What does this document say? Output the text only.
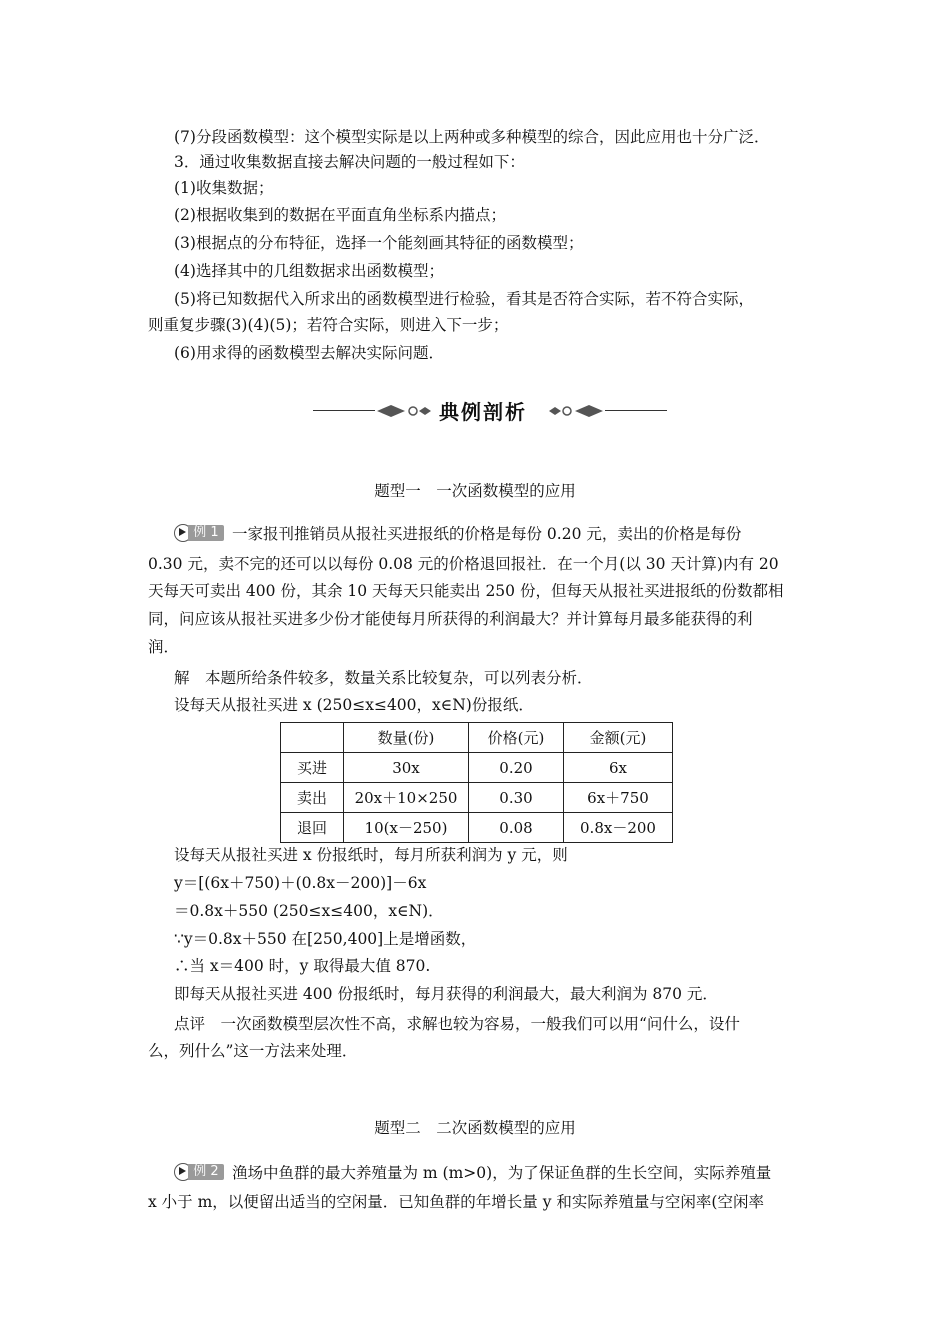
(7)分段函数模型：这个模型实际是以上两种或多种模型的综合，因此应用也十分广泛．
3．通过收集数据直接去解决问题的一般过程如下：
(1)收集数据；
(2)根据收集到的数据在平面直角坐标系内描点；
(3)根据点的分布特征，选择一个能刻画其特征的函数模型；
(4)选择其中的几组数据求出函数模型；
(5)将已知数据代入所求出的函数模型进行检验，看其是否符合实际，若不符合实际，
则重复步骤(3)(4)(5)；若符合实际，则进入下一步；
(6)用求得的函数模型去解决实际问题．
典例剖析
题型一　一次函数模型的应用
例 1 一家报刊推销员从报社买进报纸的价格是每份 0.20 元，卖出的价格是每份
0.30 元，卖不完的还可以以每份 0.08 元的价格退回报社．在一个月(以 30 天计算)内有 20
天每天可卖出 400 份，其余 10 天每天只能卖出 250 份，但每天从报社买进报纸的份数都相
同，问应该从报社买进多少份才能使每月所获得的利润最大？并计算每月最多能获得的利
润．
解　本题所给条件较多，数量关系比较复杂，可以列表分析．
设每天从报社买进 x (250≤x≤400，x∈N)份报纸．
	数量(份)	价格(元)	金额(元)
买进	30x	0.20	6x
卖出	20x＋10×250	0.30	6x＋750
退回	10(x－250)	0.08	0.8x－200
设每天从报社买进 x 份报纸时，每月所获利润为 y 元，则
y＝[(6x＋750)＋(0.8x－200)]－6x
＝0.8x＋550 (250≤x≤400，x∈N)．
∵y＝0.8x＋550 在[250,400]上是增函数，
∴当 x＝400 时，y 取得最大值 870.
即每天从报社买进 400 份报纸时，每月获得的利润最大，最大利润为 870 元．
点评　一次函数模型层次性不高，求解也较为容易，一般我们可以用“问什么，设什
么，列什么”这一方法来处理．
题型二　二次函数模型的应用
例 2 渔场中鱼群的最大养殖量为 m (m>0)，为了保证鱼群的生长空间，实际养殖量
x 小于 m，以便留出适当的空闲量．已知鱼群的年增长量 y 和实际养殖量与空闲率(空闲率
